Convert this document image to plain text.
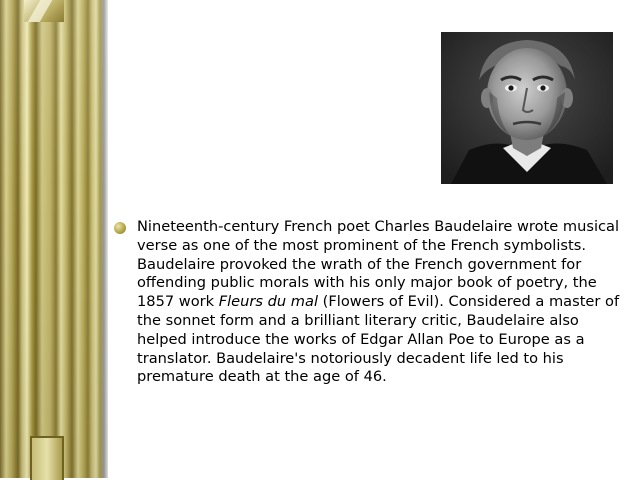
Nineteenth-century French poet Charles Baudelaire wrote musical verse as one of the most prominent of the French symbolists. Baudelaire provoked the wrath of the French government for offending public morals with his only major book of poetry, the 1857 work Fleurs du mal (Flowers of Evil). Considered a master of the sonnet form and a brilliant literary critic, Baudelaire also helped introduce the works of Edgar Allan Poe to Europe as a translator. Baudelaire's notoriously decadent life led to his premature death at the age of 46.
